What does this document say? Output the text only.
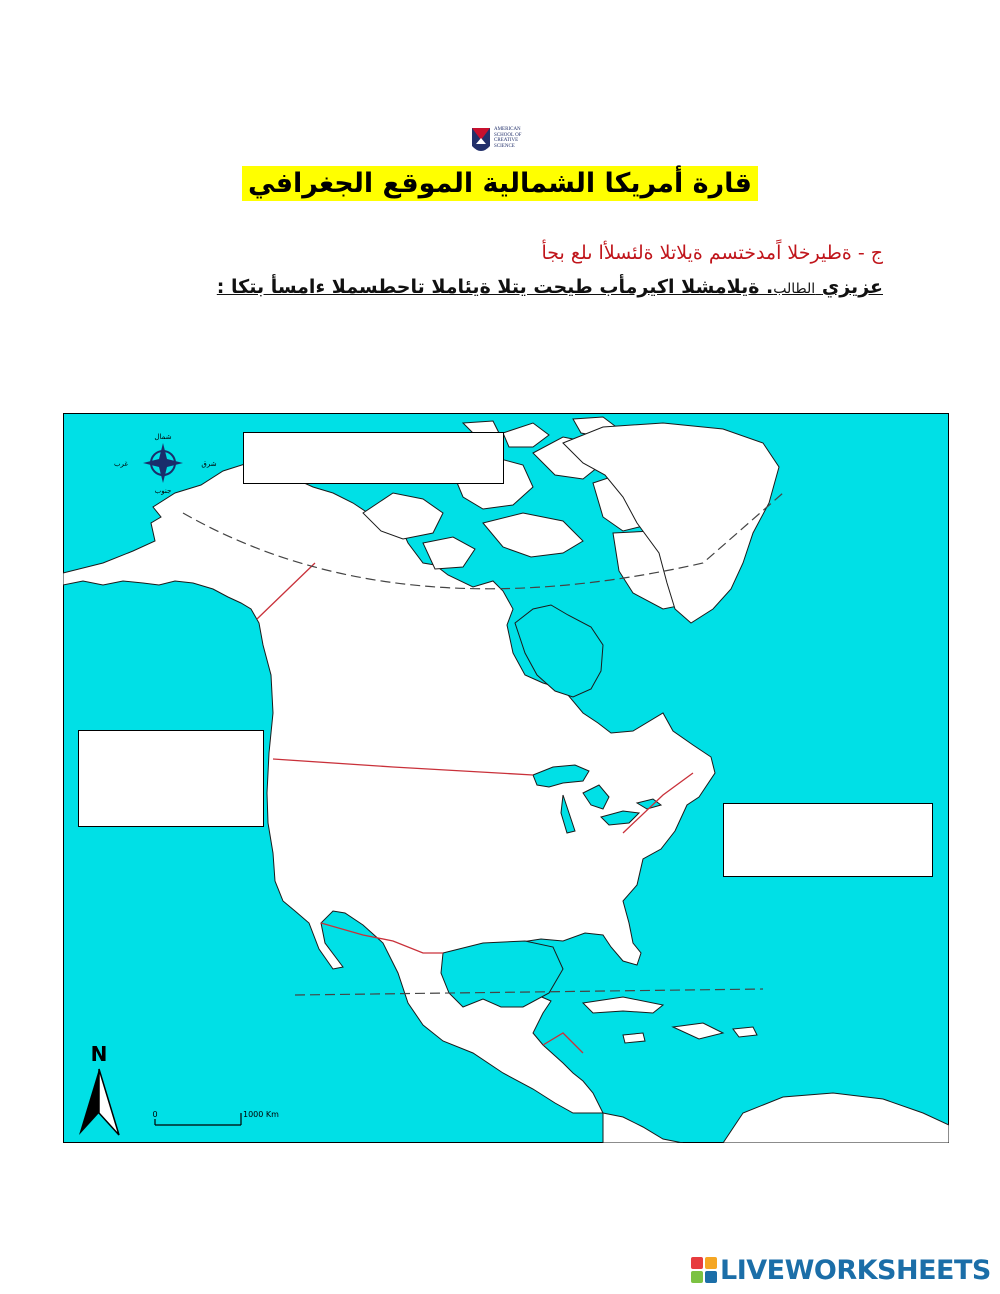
AMERICAN
SCHOOL OF
CREATIVE
SCIENCE
قارة أمريكا الشمالية الموقع الجغرافي
ج - ةطيرخلا اًمدختسم ةيلاتلا ةلئسلأا ىلع بجأ
عزيزي الطالب. ةيلامشلا اكيرمأب طيحت يتلا ةيئاملا تاحطسملا ءامسأ بتكا :
شمال
جنوب
شرق
غرب
N
0	1000 Km
LIVEWORKSHEETS
